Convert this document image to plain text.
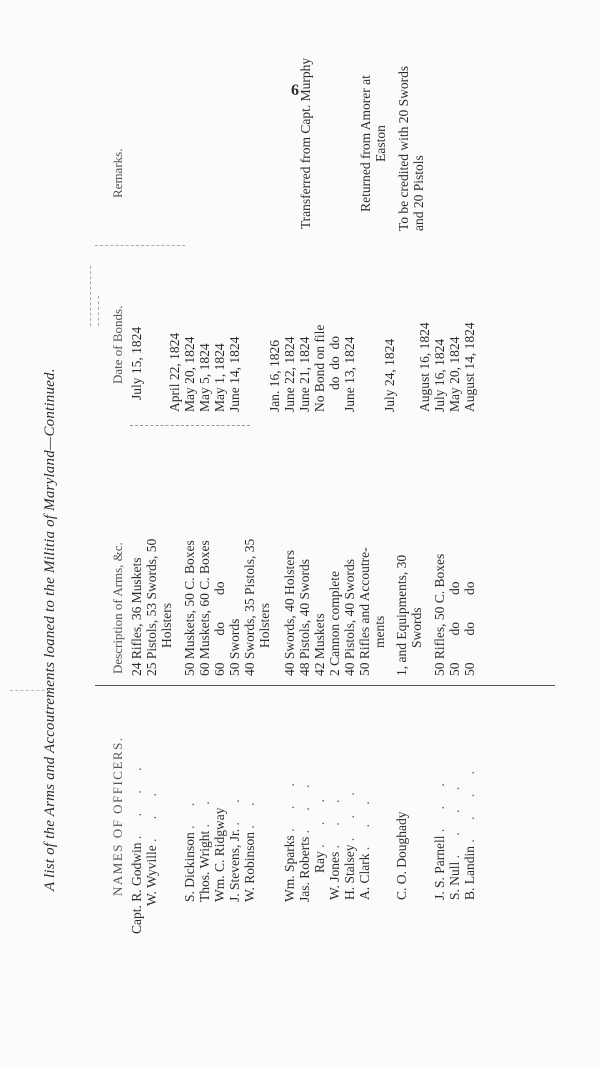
6
A list of the Arms and Accoutrements loaned to the Militia of Maryland—Continued.	NAMES OF OFFICERS.
Description of Arms, &c.
Date of Bonds.
Remarks.
Capt. R. Godwin . . . .
W. Wyville . . .
S. Dickinson . .
Thos. Wright . . Wm. C. Ridgway J. Stevens, Jr. . .
W. Robinson . .
Wm. Sparks . . .
Jas. Roberts . . .
Ray . . .
W. Jones . . .
H. Stalsey . . .
A. Clark . . . C. O. Doughady J. S. Parnell . . .
S. Null . . . .
B. Landin . . . .
24 Rifles, 36 Muskets 25 Pistols, 53 Swords, 50 Holsters 50 Muskets, 50 C. Boxes 60 Muskets, 60 C. Boxes 60        do        do 50 Swords 40 Swords, 35 Pistols, 35 Holsters 40 Swords, 40 Holsters 48 Pistols, 40 Swords 42 Muskets 2 Cannon complete 40 Pistols, 40 Swords 50 Rifles and Accoutre- ments 1, and Equipments, 30 Swords 50 Rifles, 50 C. Boxes 50        do        do 50        do        do
July 15, 1824 April 22, 1824 May 20, 1824 May 5, 1824 May 1, 1824 June 14, 1824 Jan. 16, 1826 June 22, 1824 June 21, 1824 No Bond on file do  do  do June 13, 1824 July 24, 1824 August 16, 1824 July 16, 1824 May 20, 1824 August 14, 1824
Transferred from Capt. Murphy	Returned from Amorer at Easton To be credited with 20 Swords and 20 Pistols
